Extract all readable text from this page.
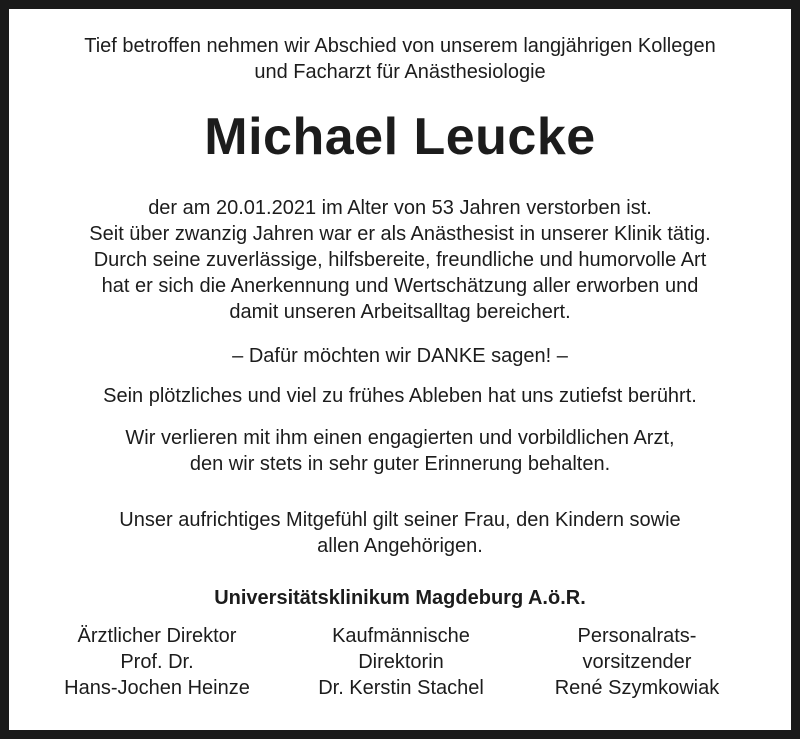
Tief betroffen nehmen wir Abschied von unserem langjährigen Kollegen
und Facharzt für Anästhesiologie
Michael Leucke
der am 20.01.2021 im Alter von 53 Jahren verstorben ist.
Seit über zwanzig Jahren war er als Anästhesist in unserer Klinik tätig.
Durch seine zuverlässige, hilfsbereite, freundliche und humorvolle Art
hat er sich die Anerkennung und Wertschätzung aller erworben und
damit unseren Arbeitsalltag bereichert.
– Dafür möchten wir DANKE sagen! –
Sein plötzliches und viel zu frühes Ableben hat uns zutiefst berührt.
Wir verlieren mit ihm einen engagierten und vorbildlichen Arzt,
den wir stets in sehr guter Erinnerung behalten.
Unser aufrichtiges Mitgefühl gilt seiner Frau, den Kindern sowie
allen Angehörigen.
Universitätsklinikum Magdeburg A.ö.R.
Ärztlicher Direktor
Prof. Dr.
Hans-Jochen Heinze
Kaufmännische
Direktorin
Dr. Kerstin Stachel
Personalrats-
vorsitzender
René Szymkowiak
